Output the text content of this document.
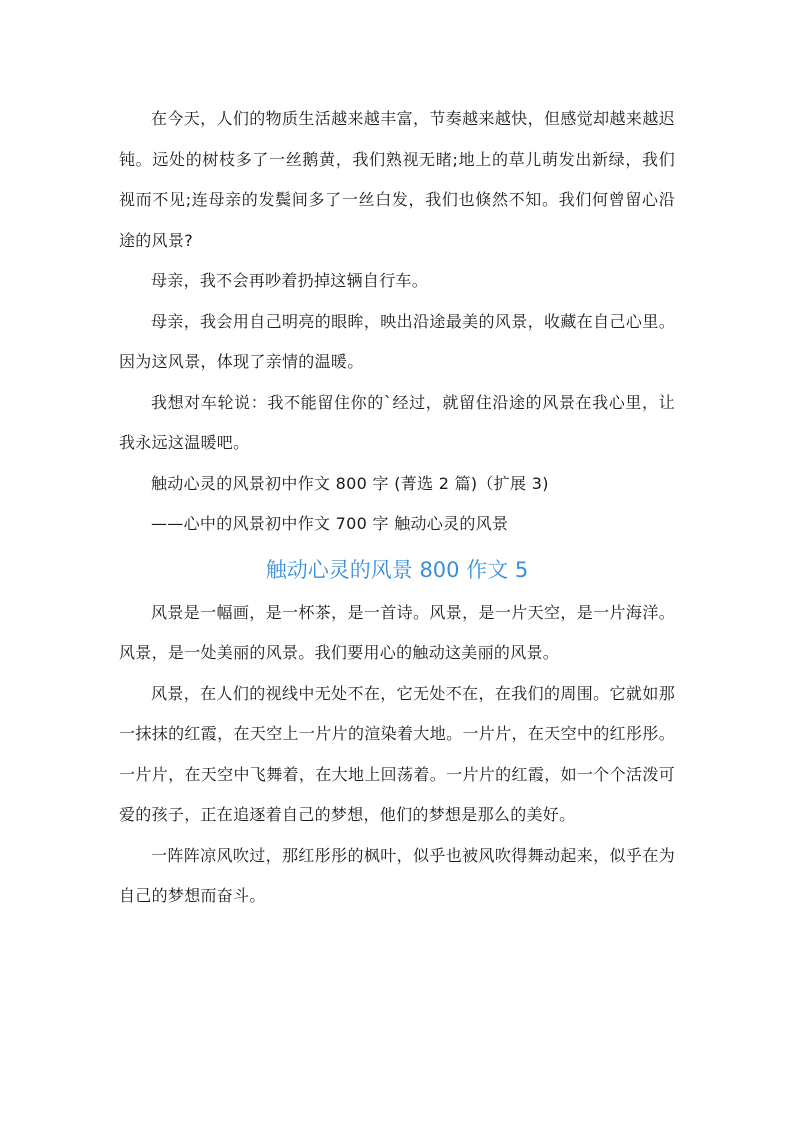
在今天，人们的物质生活越来越丰富，节奏越来越快，但感觉却越来越迟钝。远处的树枝多了一丝鹅黄，我们熟视无睹;地上的草儿萌发出新绿，我们视而不见;连母亲的发鬓间多了一丝白发，我们也倏然不知。我们何曾留心沿途的风景?

母亲，我不会再吵着扔掉这辆自行车。

母亲，我会用自己明亮的眼眸，映出沿途最美的风景，收藏在自己心里。因为这风景，体现了亲情的温暖。

我想对车轮说：我不能留住你的`经过，就留住沿途的风景在我心里，让我永远这温暖吧。

触动心灵的风景初中作文 800 字 (菁选 2 篇)（扩展 3)

——心中的风景初中作文 700 字 触动心灵的风景

触动心灵的风景 800 作文 5

风景是一幅画，是一杯茶，是一首诗。风景，是一片天空，是一片海洋。风景，是一处美丽的风景。我们要用心的触动这美丽的风景。

风景，在人们的视线中无处不在，它无处不在，在我们的周围。它就如那一抹抹的红霞，在天空上一片片的渲染着大地。一片片，在天空中的红彤彤。一片片，在天空中飞舞着，在大地上回荡着。一片片的红霞，如一个个活泼可爱的孩子，正在追逐着自己的梦想，他们的梦想是那么的美好。

一阵阵凉风吹过，那红彤彤的枫叶，似乎也被风吹得舞动起来，似乎在为自己的梦想而奋斗。
